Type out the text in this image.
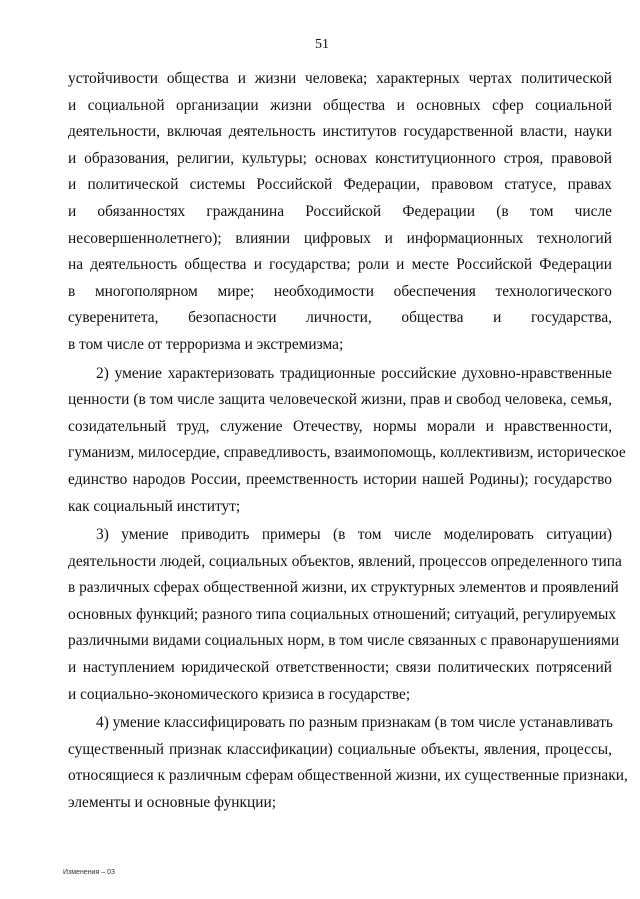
51
устойчивости общества и жизни человека; характерных чертах политической
и социальной организации жизни общества и основных сфер социальной
деятельности, включая деятельность институтов государственной власти, науки
и образования, религии, культуры; основах конституционного строя, правовой
и политической системы Российской Федерации, правовом статусе, правах
и обязанностях гражданина Российской Федерации (в том числе
несовершеннолетнего); влиянии цифровых и информационных технологий
на деятельность общества и государства; роли и месте Российской Федерации
в многополярном мире; необходимости обеспечения технологического
суверенитета, безопасности личности, общества и государства,
в том числе от терроризма и экстремизма;
2) умение характеризовать традиционные российские духовно-нравственные
ценности (в том числе защита человеческой жизни, прав и свобод человека, семья,
созидательный труд, служение Отечеству, нормы морали и нравственности,
гуманизм, милосердие, справедливость, взаимопомощь, коллективизм, историческое
единство народов России, преемственность истории нашей Родины); государство
как социальный институт;
3) умение приводить примеры (в том числе моделировать ситуации)
деятельности людей, социальных объектов, явлений, процессов определенного типа
в различных сферах общественной жизни, их структурных элементов и проявлений
основных функций; разного типа социальных отношений; ситуаций, регулируемых
различными видами социальных норм, в том числе связанных с правонарушениями
и наступлением юридической ответственности; связи политических потрясений
и социально-экономического кризиса в государстве;
4) умение классифицировать по разным признакам (в том числе устанавливать
существенный признак классификации) социальные объекты, явления, процессы,
относящиеся к различным сферам общественной жизни, их существенные признаки,
элементы и основные функции;
Изменения – 03
